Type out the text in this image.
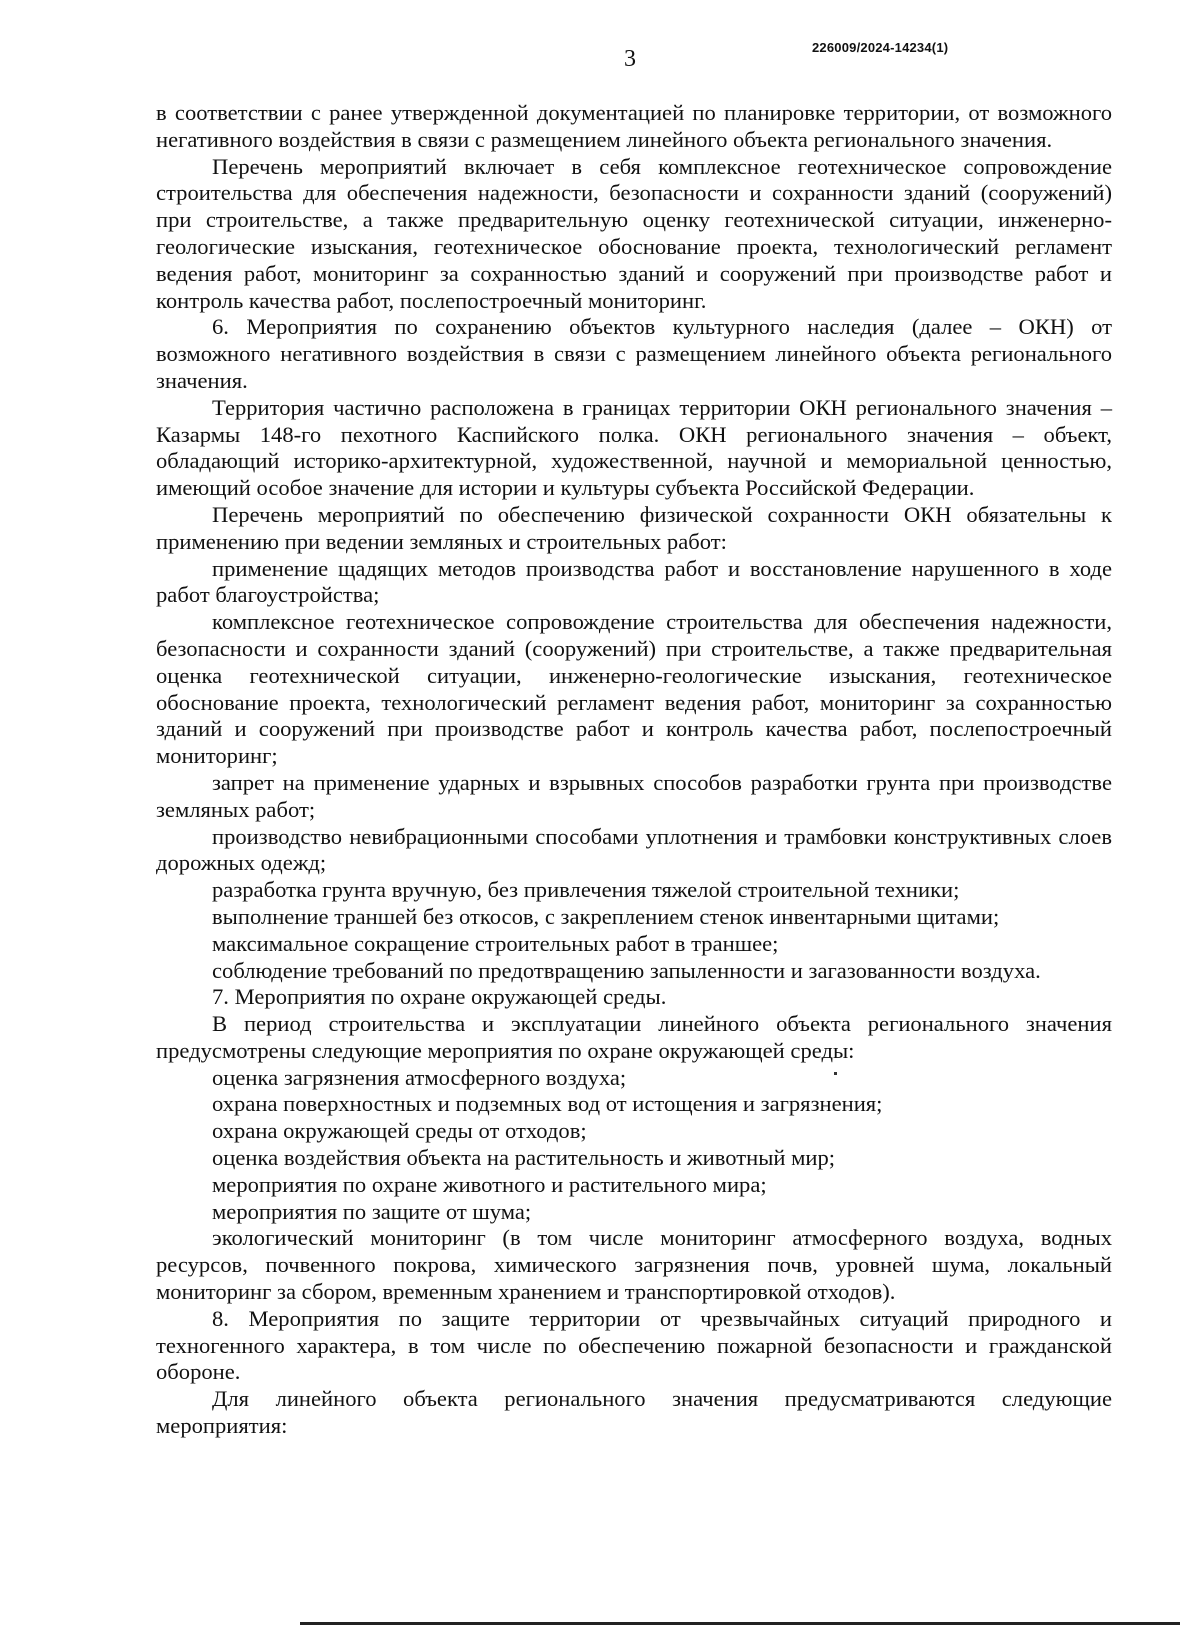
3	226009/2024-14234(1)

в соответствии с ранее утвержденной документацией по планировке территории, от возможного негативного воздействия в связи с размещением линейного объекта регионального значения.

Перечень мероприятий включает в себя комплексное геотехническое сопровождение строительства для обеспечения надежности, безопасности и сохранности зданий (сооружений) при строительстве, а также предварительную оценку геотехнической ситуации, инженерно-геологические изыскания, геотехническое обоснование проекта, технологический регламент ведения работ, мониторинг за сохранностью зданий и сооружений при производстве работ и контроль качества работ, послепостроечный мониторинг.

6. Мероприятия по сохранению объектов культурного наследия (далее – ОКН) от возможного негативного воздействия в связи с размещением линейного объекта регионального значения.

Территория частично расположена в границах территории ОКН регионального значения – Казармы 148-го пехотного Каспийского полка. ОКН регионального значения – объект, обладающий историко-архитектурной, художественной, научной и мемориальной ценностью, имеющий особое значение для истории и культуры субъекта Российской Федерации.

Перечень мероприятий по обеспечению физической сохранности ОКН обязательны к применению при ведении земляных и строительных работ:

применение щадящих методов производства работ и восстановление нарушенного в ходе работ благоустройства;

комплексное геотехническое сопровождение строительства для обеспечения надежности, безопасности и сохранности зданий (сооружений) при строительстве, а также предварительная оценка геотехнической ситуации, инженерно-геологические изыскания, геотехническое обоснование проекта, технологический регламент ведения работ, мониторинг за сохранностью зданий и сооружений при производстве работ и контроль качества работ, послепостроечный мониторинг;

запрет на применение ударных и взрывных способов разработки грунта при производстве земляных работ;

производство невибрационными способами уплотнения и трамбовки конструктивных слоев дорожных одежд;

разработка грунта вручную, без привлечения тяжелой строительной техники;

выполнение траншей без откосов, с закреплением стенок инвентарными щитами;

максимальное сокращение строительных работ в траншее;

соблюдение требований по предотвращению запыленности и загазованности воздуха.

7. Мероприятия по охране окружающей среды.

В период строительства и эксплуатации линейного объекта регионального значения предусмотрены следующие мероприятия по охране окружающей среды:

оценка загрязнения атмосферного воздуха;

охрана поверхностных и подземных вод от истощения и загрязнения;

охрана окружающей среды от отходов;

оценка воздействия объекта на растительность и животный мир;

мероприятия по охране животного и растительного мира;

мероприятия по защите от шума;

экологический мониторинг (в том числе мониторинг атмосферного воздуха, водных ресурсов, почвенного покрова, химического загрязнения почв, уровней шума, локальный мониторинг за сбором, временным хранением и транспортировкой отходов).

8. Мероприятия по защите территории от чрезвычайных ситуаций природного и техногенного характера, в том числе по обеспечению пожарной безопасности и гражданской обороне.

Для линейного объекта регионального значения предусматриваются следующие мероприятия:
